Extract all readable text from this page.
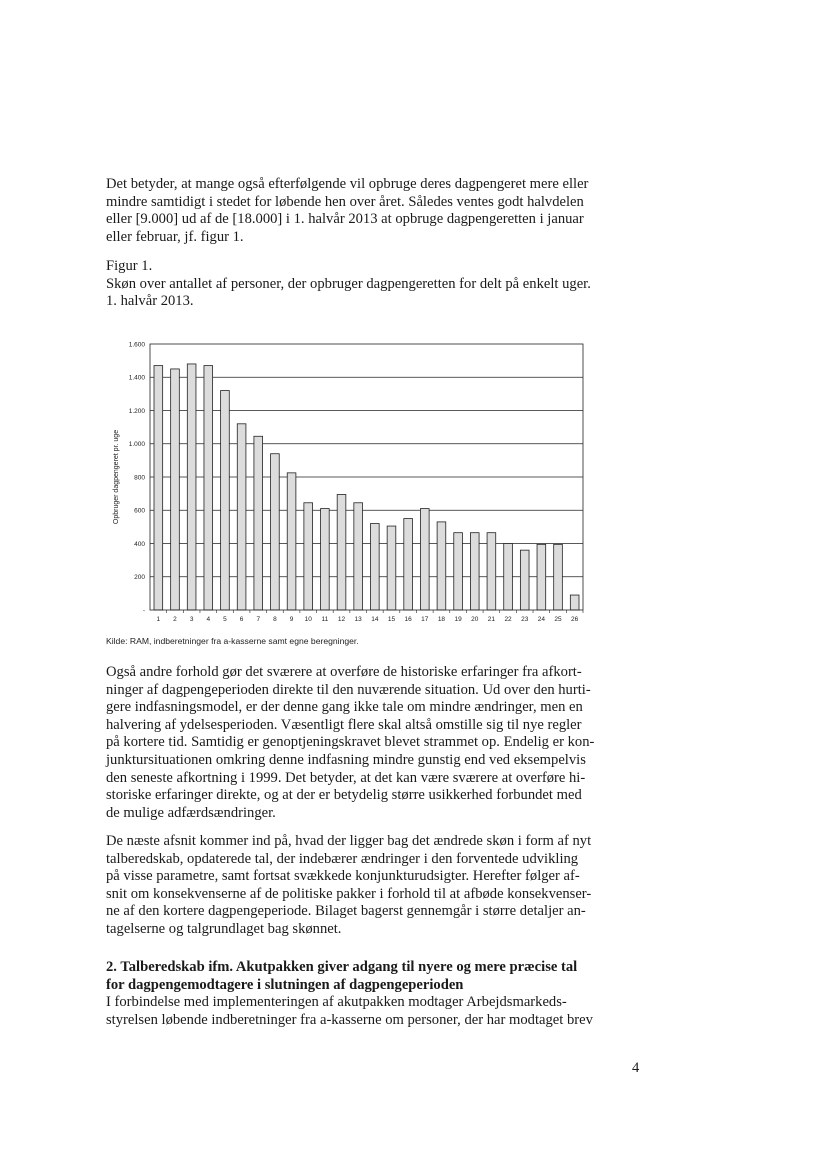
Det betyder, at mange også efterfølgende vil opbruge deres dagpengeret mere eller
mindre samtidigt i stedet for løbende hen over året. Således ventes godt halvdelen
eller [9.000] ud af de [18.000] i 1. halvår 2013 at opbruge dagpengeretten i januar
eller februar, jf. figur 1.
Figur 1.
Skøn over antallet af personer, der opbruger dagpengeretten for delt på enkelt uger.
1. halvår 2013.
-
200
400
600
800
1.000
1.200
1.400
1.600
1 2 3 4 5 6 7 8 9 10 11 12 13 14 15 16 17 18 19 20 21 22 23 24 25 26
Opbruger dagpengeret pr. uge
Kilde: RAM, indberetninger fra a-kasserne samt egne beregninger.
Også andre forhold gør det sværere at overføre de historiske erfaringer fra afkort-
ninger af dagpengeperioden direkte til den nuværende situation. Ud over den hurti-
gere indfasningsmodel, er der denne gang ikke tale om mindre ændringer, men en
halvering af ydelsesperioden. Væsentligt flere skal altså omstille sig til nye regler
på kortere tid. Samtidig er genoptjeningskravet blevet strammet op. Endelig er kon-
junktursituationen omkring denne indfasning mindre gunstig end ved eksempelvis
den seneste afkortning i 1999. Det betyder, at det kan være sværere at overføre hi-
storiske erfaringer direkte, og at der er betydelig større usikkerhed forbundet med
de mulige adfærdsændringer.
De næste afsnit kommer ind på, hvad der ligger bag det ændrede skøn i form af nyt
talberedskab, opdaterede tal, der indebærer ændringer i den forventede udvikling
på visse parametre, samt fortsat svækkede konjunkturudsigter. Herefter følger af-
snit om konsekvenserne af de politiske pakker i forhold til at afbøde konsekvenser-
ne af den kortere dagpengeperiode. Bilaget bagerst gennemgår i større detaljer an-
tagelserne og talgrundlaget bag skønnet.
2. Talberedskab ifm. Akutpakken giver adgang til nyere og mere præcise tal
for dagpengemodtagere i slutningen af dagpengeperioden
I forbindelse med implementeringen af akutpakken modtager Arbejdsmarkeds-
styrelsen løbende indberetninger fra a-kasserne om personer, der har modtaget brev
4
